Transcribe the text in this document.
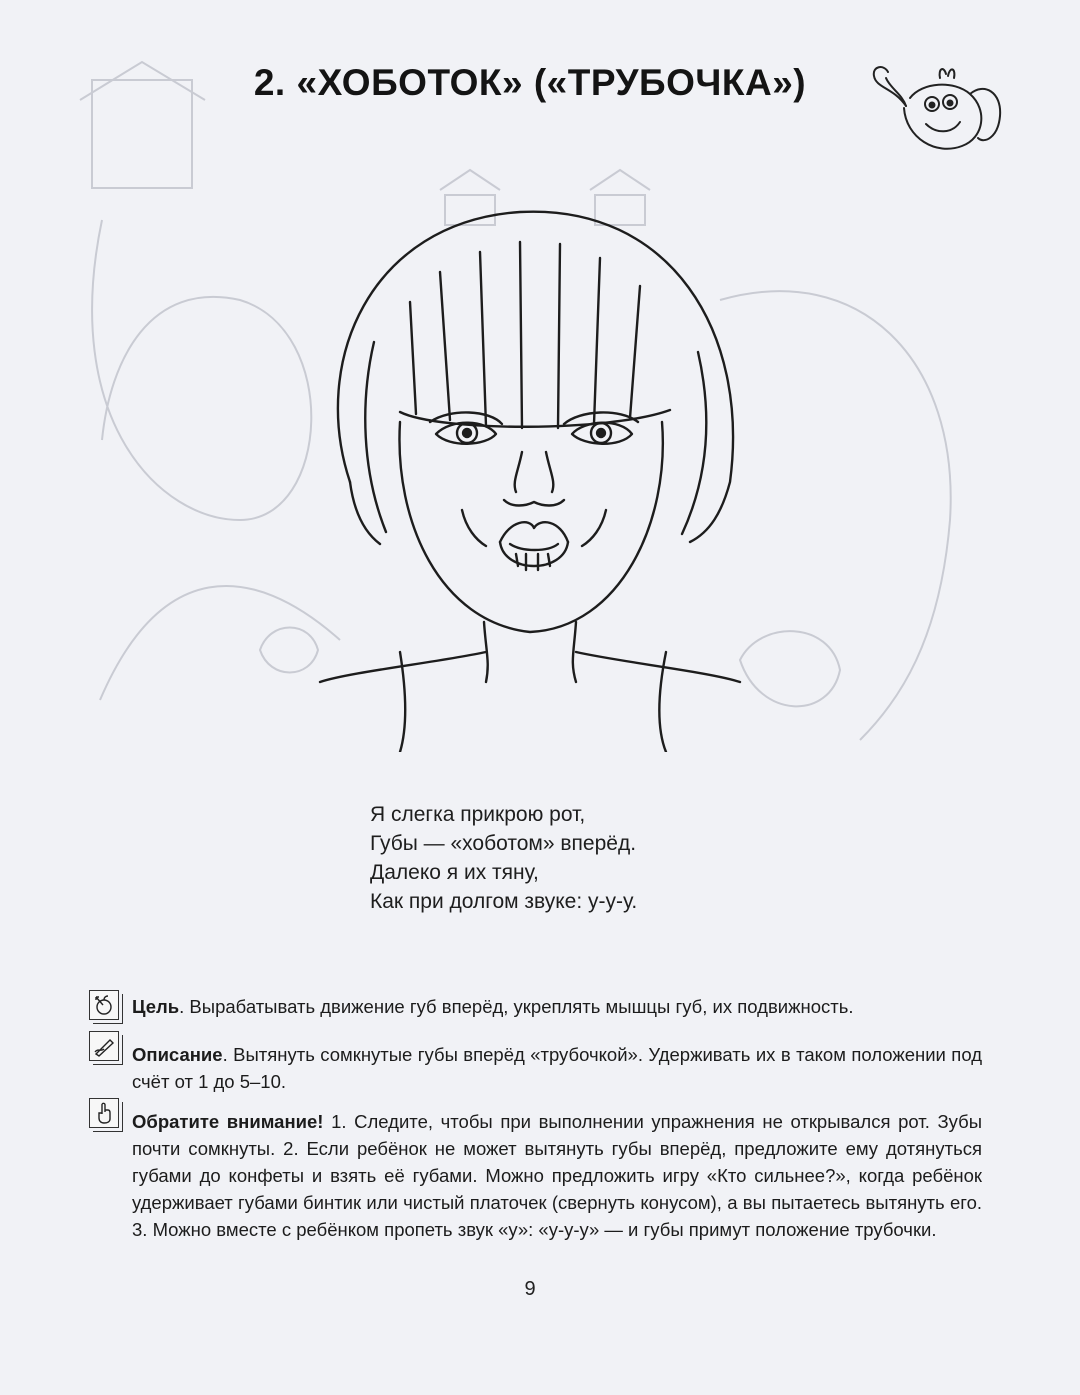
2. «ХОБОТОК» («ТРУБОЧКА»)
Я слегка прикрою рот,
Губы — «хоботом» вперёд.
Далеко я их тяну,
Как при долгом звуке: у-у-у.
Цель. Вырабатывать движение губ вперёд, укреплять мышцы губ, их подвижность.
Описание. Вытянуть сомкнутые губы вперёд «трубочкой». Удерживать их в таком положении под счёт от 1 до 5–10.
Обратите внимание! 1. Следите, чтобы при выполнении упражнения не открывался рот. Зубы почти сомкнуты. 2. Если ребёнок не может вытянуть губы вперёд, предложите ему дотянуться губами до конфеты и взять её губами. Можно предложить игру «Кто сильнее?», когда ребёнок удерживает губами бинтик или чистый платочек (свернуть конусом), а вы пытаетесь вытянуть его. 3. Можно вместе с ребёнком пропеть звук «у»: «у-у-у» — и губы примут положение трубочки.
9
